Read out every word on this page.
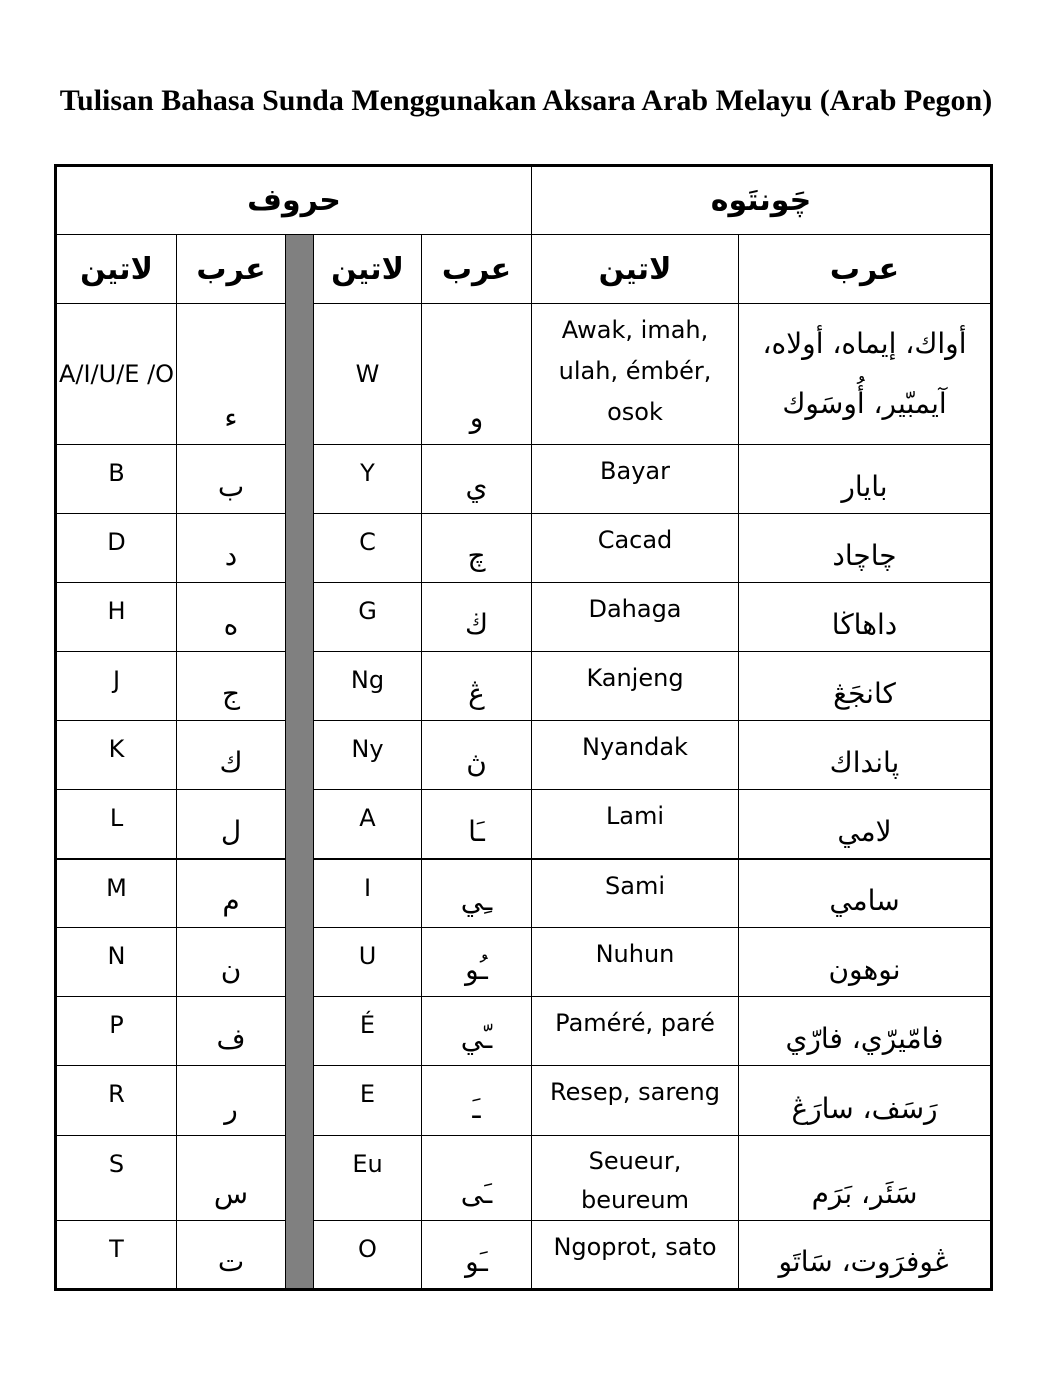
Tulisan Bahasa Sunda Menggunakan Aksara Arab Melayu (Arab Pegon)
حروف					چَونتَوه	
لاتين	عرب		لاتين	عرب	لاتين	عرب
A/I/U/E /O	ء		W	و	Awak, imah, ulah, émbér, osok	أواك، إيماه، أولاه، آيمبّير، أُوسَوك
B	ب		Y	ي	Bayar	بايار
D	د		C	چ	Cacad	چاچاد
H	ه		G	ڬ	Dahaga	داهاڬا
J	ج		Ng	ڠ	Kanjeng	كانجَڠ
K	ك		Ny	ڽ	Nyandak	ڽانداك
L	ل		A	ـَا	Lami	لامي
M	م		I	ـِي	Sami	سامي
N	ن		U	ـُو	Nuhun	نوهون
P	ف		É	ـّي	Paméré, paré	فامّيرّي، فارّي
R	ر		E	ـَ	Resep, sareng	رَسَف، سارَڠ
S	س		Eu	ـَى	Seueur, beureum	سَئَر، بَرَم
T	ت		O	ـَو	Ngoprot, sato	ڠوفرَوت، سَاتَو
